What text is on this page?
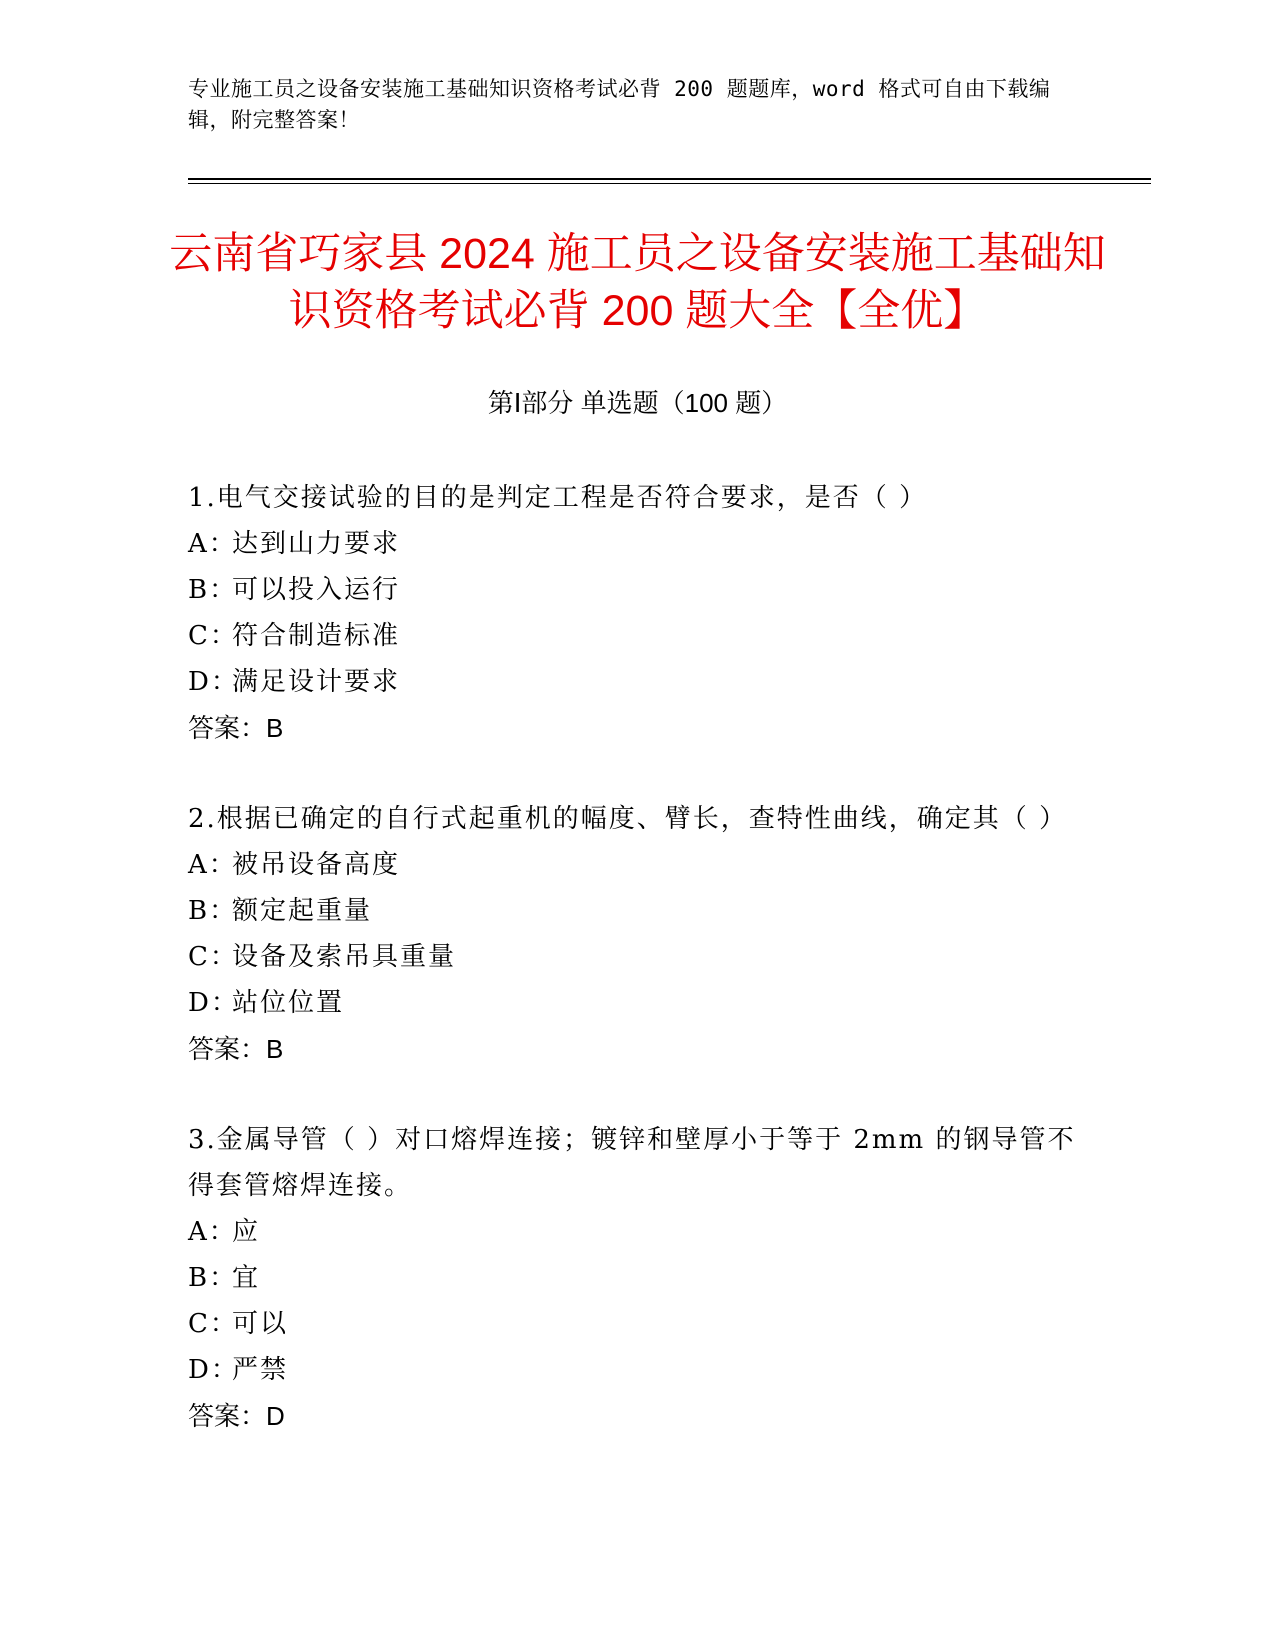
专业施工员之设备安装施工基础知识资格考试必背 200 题题库，word 格式可自由下载编辑，附完整答案！
云南省巧家县 2024 施工员之设备安装施工基础知识资格考试必背 200 题大全【全优】
第Ⅰ部分 单选题（100 题）

1.电气交接试验的目的是判定工程是否符合要求，是否（ ）

A：达到山力要求

B：可以投入运行

C：符合制造标准

D：满足设计要求

答案：B

2.根据已确定的自行式起重机的幅度、臂长，查特性曲线，确定其（ ）

A：被吊设备高度

B：额定起重量

C：设备及索吊具重量

D：站位位置

答案：B

3.金属导管（ ）对口熔焊连接；镀锌和壁厚小于等于 2mm 的钢导管不得套管熔焊连接。

A：应

B：宜

C：可以

D：严禁

答案：D
